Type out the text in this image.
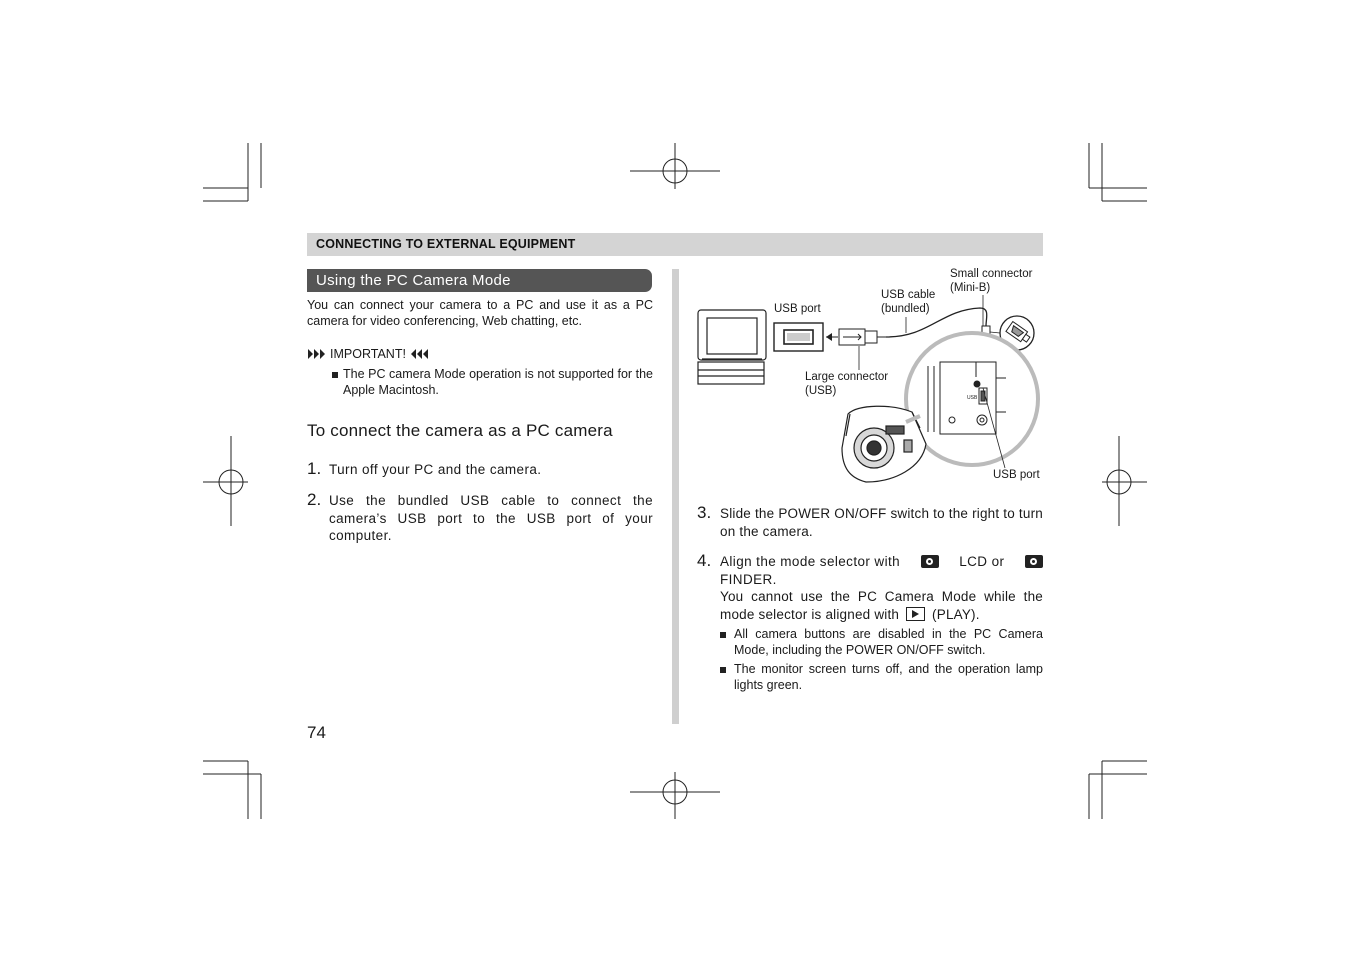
CONNECTING TO EXTERNAL EQUIPMENT
Using the PC Camera Mode
You can connect your camera to a PC and use it as a PC camera for video conferencing, Web chatting, etc.
IMPORTANT!
The PC camera Mode operation is not supported for the Apple Macintosh.
To connect the camera as a PC camera
1. Turn off your PC and the camera.
2. Use the bundled USB cable to connect the camera’s USB port to the USB port of your computer.
USB
USB port
USB cable
(bundled)
Small connector
(Mini-B)
Large connector
(USB)
USB port
3. Slide the POWER ON/OFF switch to the right to turn on the camera.
4. Align the mode selector with	LCD or
FINDER.
You cannot use the PC Camera Mode while the mode selector is aligned with (PLAY).
All camera buttons are disabled in the PC Camera Mode, including the POWER ON/OFF switch.
The monitor screen turns off, and the operation lamp lights green.
74
